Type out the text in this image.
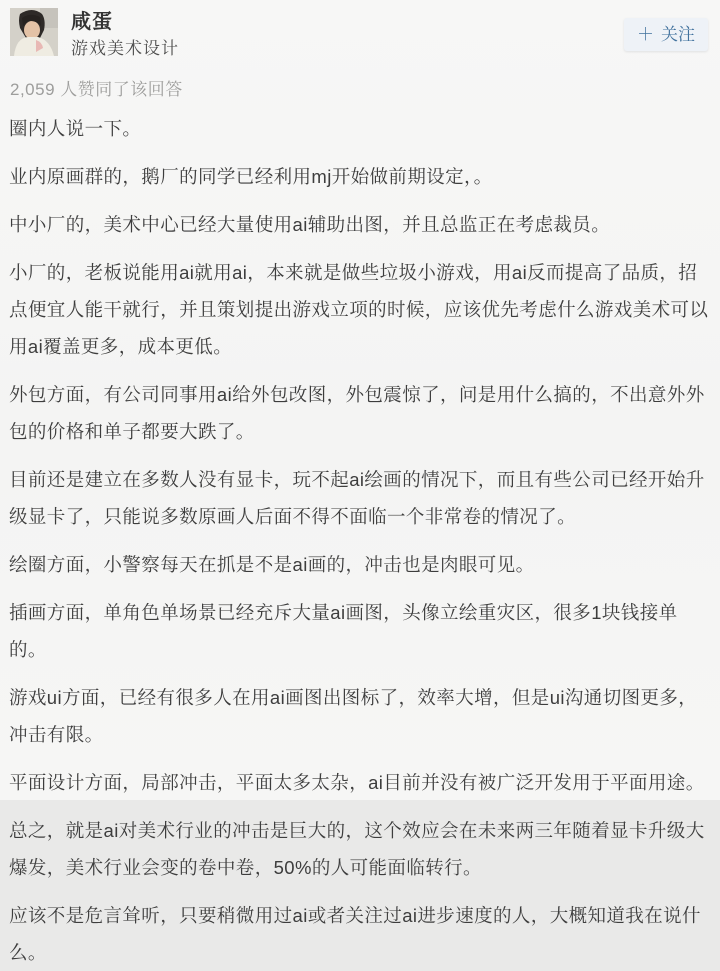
咸蛋
游戏美术设计
＋ 关注
2,059 人赞同了该回答

圈内人说一下。

业内原画群的，鹅厂的同学已经利用mj开始做前期设定，。

中小厂的，美术中心已经大量使用ai辅助出图，并且总监正在考虑裁员。

小厂的，老板说能用ai就用ai，本来就是做些垃圾小游戏，用ai反而提高了品质，招点便宜人能干就行，并且策划提出游戏立项的时候，应该优先考虑什么游戏美术可以用ai覆盖更多，成本更低。

外包方面，有公司同事用ai给外包改图，外包震惊了，问是用什么搞的，不出意外外包的价格和单子都要大跌了。

目前还是建立在多数人没有显卡，玩不起ai绘画的情况下，而且有些公司已经开始升级显卡了，只能说多数原画人后面不得不面临一个非常卷的情况了。

绘圈方面，小警察每天在抓是不是ai画的，冲击也是肉眼可见。

插画方面，单角色单场景已经充斥大量ai画图，头像立绘重灾区，很多1块钱接单的。

游戏ui方面，已经有很多人在用ai画图出图标了，效率大增，但是ui沟通切图更多，冲击有限。

平面设计方面，局部冲击，平面太多太杂，ai目前并没有被广泛开发用于平面用途。

总之，就是ai对美术行业的冲击是巨大的，这个效应会在未来两三年随着显卡升级大爆发，美术行业会变的卷中卷，50%的人可能面临转行。

应该不是危言耸听，只要稍微用过ai或者关注过ai进步速度的人，大概知道我在说什么。
